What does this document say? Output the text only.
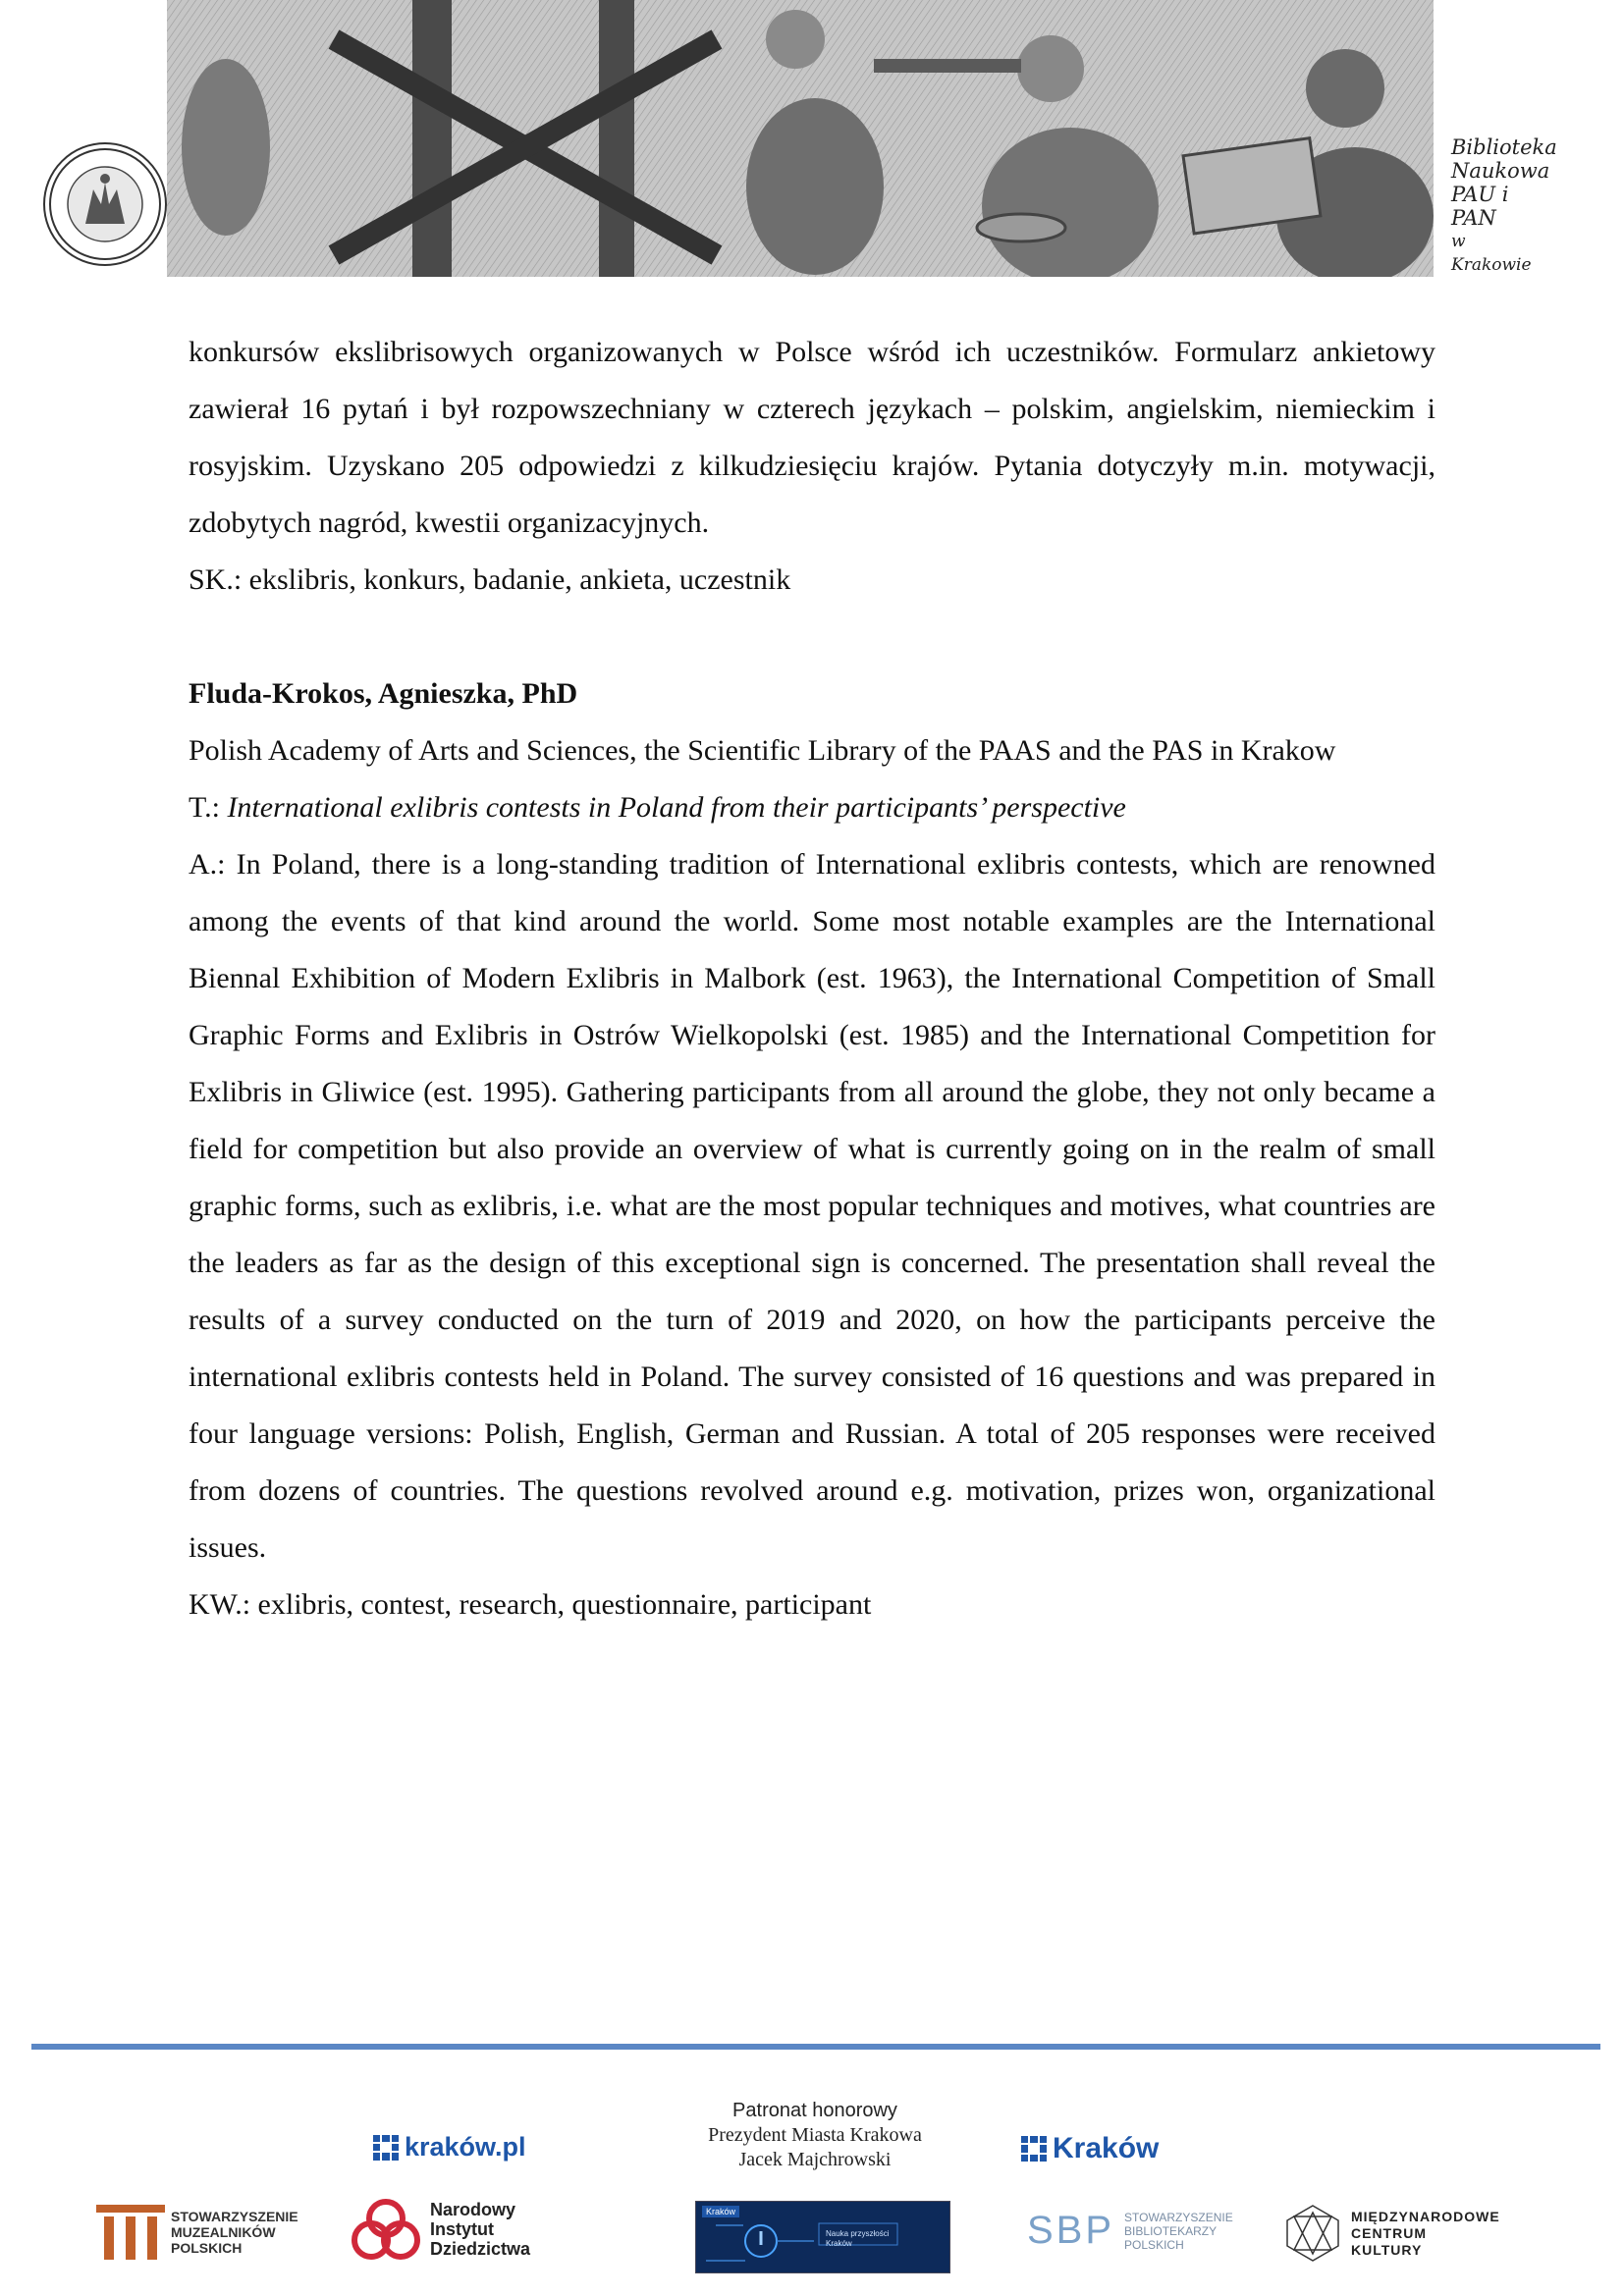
Biblioteka
Naukowa
PAU i PAN
w Krakowie

konkursów ekslibrisowych organizowanych w Polsce wśród ich uczestników. Formularz ankietowy zawierał 16 pytań i był rozpowszechniany w czterech językach – polskim, angielskim, niemieckim i rosyjskim. Uzyskano 205 odpowiedzi z kilkudziesięciu krajów. Pytania dotyczyły m.in. motywacji, zdobytych nagród, kwestii organizacyjnych.

SK.: ekslibris, konkurs, badanie, ankieta, uczestnik

Fluda-Krokos, Agnieszka, PhD

Polish Academy of Arts and Sciences, the Scientific Library of the PAAS and the PAS in Krakow

T.: International exlibris contests in Poland from their participants’ perspective

A.: In Poland, there is a long-standing tradition of International exlibris contests, which are renowned among the events of that kind around the world. Some most notable examples are the International Biennal Exhibition of Modern Exlibris in Malbork (est. 1963), the International Competition of Small Graphic Forms and Exlibris in Ostrów Wielkopolski (est. 1985) and the International Competition for Exlibris in Gliwice (est. 1995). Gathering participants from all around the globe, they not only became a field for competition but also provide an overview of what is currently going on in the realm of small graphic forms, such as exlibris, i.e. what are the most popular techniques and motives, what countries are the leaders as far as the design of this exceptional sign is concerned. The presentation shall reveal the results of a survey conducted on the turn of 2019 and 2020, on how the participants perceive the international exlibris contests held in Poland. The survey consisted of 16 questions and was prepared in four language versions: Polish, English, German and Russian. A total of 205 responses were received from dozens of countries. The questions revolved around e.g. motivation, prizes won, organizational issues.

KW.: exlibris, contest, research, questionnaire, participant

Patronat honorowy
Prezydent Miasta Krakowa
Jacek Majchrowski
kraków.pl	Kraków
STOWARZYSZENIE
MUZEALNIKÓW
POLSKICH
Narodowy
Instytut
Dziedzictwa
Kraków
Nauka przyszłości
Kraków	SBP STOWARZYSZENIE
BIBLIOTEKARZY
POLSKICH
MIĘDZYNARODOWE
CENTRUM
KULTURY
